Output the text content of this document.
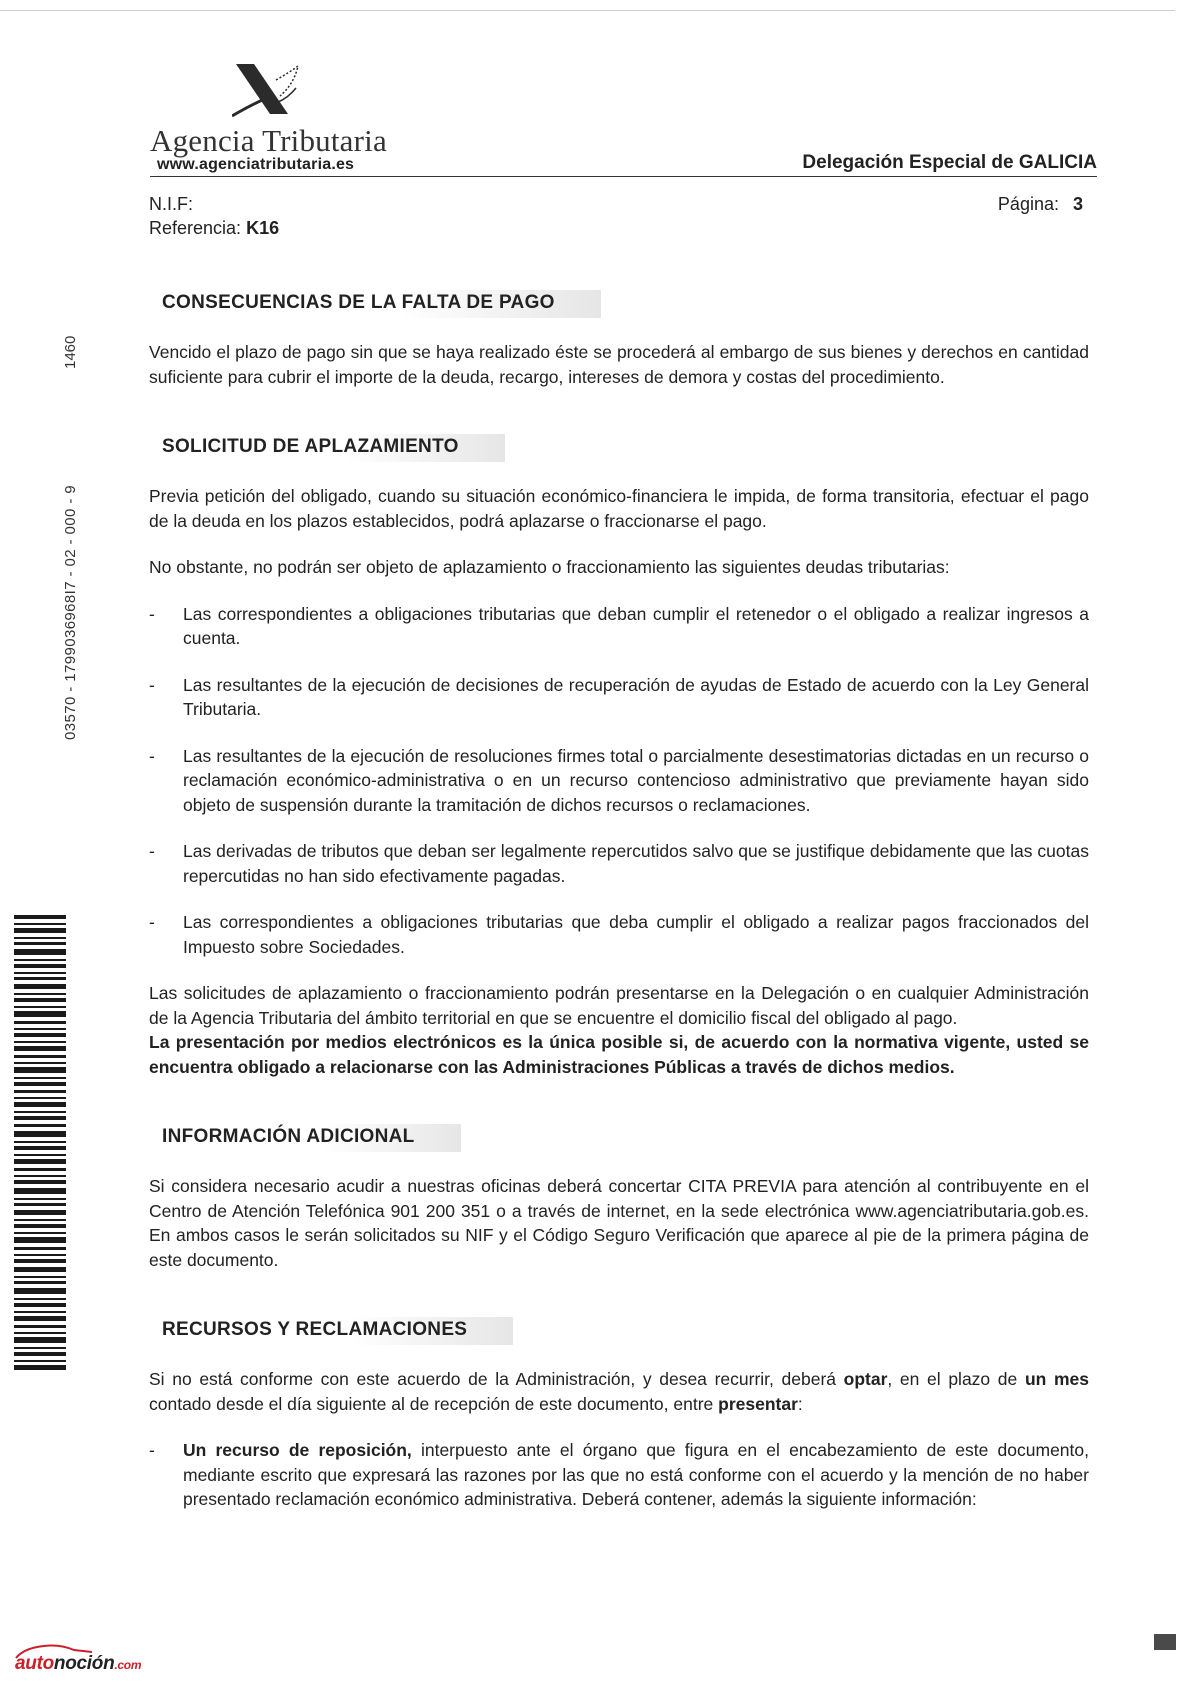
Agencia Tributaria
www.agenciatributaria.es	Delegación Especial de GALICIA
N.I.F:
Referencia: K16
Página: 3
1460
03570 - 1799036968I7 - 02 - 000 - 9
CONSECUENCIAS DE LA FALTA DE PAGO

Vencido el plazo de pago sin que se haya realizado éste se procederá al embargo de sus bienes y derechos en cantidad suficiente para cubrir el importe de la deuda, recargo, intereses de demora y costas del procedimiento.

SOLICITUD DE APLAZAMIENTO

Previa petición del obligado, cuando su situación económico-financiera le impida, de forma transitoria, efectuar el pago de la deuda en los plazos establecidos, podrá aplazarse o fraccionarse el pago.

No obstante, no podrán ser objeto de aplazamiento o fraccionamiento las siguientes deudas tributarias:

- Las correspondientes a obligaciones tributarias que deban cumplir el retenedor o el obligado a realizar ingresos a cuenta.
- Las resultantes de la ejecución de decisiones de recuperación de ayudas de Estado de acuerdo con la Ley General Tributaria.
- Las resultantes de la ejecución de resoluciones firmes total o parcialmente desestimatorias dictadas en un recurso o reclamación económico-administrativa o en un recurso contencioso administrativo que previamente hayan sido objeto de suspensión durante la tramitación de dichos recursos o reclamaciones.
- Las derivadas de tributos que deban ser legalmente repercutidos salvo que se justifique debidamente que las cuotas repercutidas no han sido efectivamente pagadas.
- Las correspondientes a obligaciones tributarias que deba cumplir el obligado a realizar pagos fraccionados del Impuesto sobre Sociedades.

Las solicitudes de aplazamiento o fraccionamiento podrán presentarse en la Delegación o en cualquier Administración de la Agencia Tributaria del ámbito territorial en que se encuentre el domicilio fiscal del obligado al pago.

La presentación por medios electrónicos es la única posible si, de acuerdo con la normativa vigente, usted se encuentra obligado a relacionarse con las Administraciones Públicas a través de dichos medios.

INFORMACIÓN ADICIONAL

Si considera necesario acudir a nuestras oficinas deberá concertar CITA PREVIA para atención al contribuyente en el Centro de Atención Telefónica 901 200 351 o a través de internet, en la sede electrónica www.agenciatributaria.gob.es. En ambos casos le serán solicitados su NIF y el Código Seguro Verificación que aparece al pie de la primera página de este documento.

RECURSOS Y RECLAMACIONES

Si no está conforme con este acuerdo de la Administración, y desea recurrir, deberá optar, en el plazo de un mes contado desde el día siguiente al de recepción de este documento, entre presentar:

- Un recurso de reposición, interpuesto ante el órgano que figura en el encabezamiento de este documento, mediante escrito que expresará las razones por las que no está conforme con el acuerdo y la mención de no haber presentado reclamación económico administrativa. Deberá contener, además la siguiente información:
autonoción.com
